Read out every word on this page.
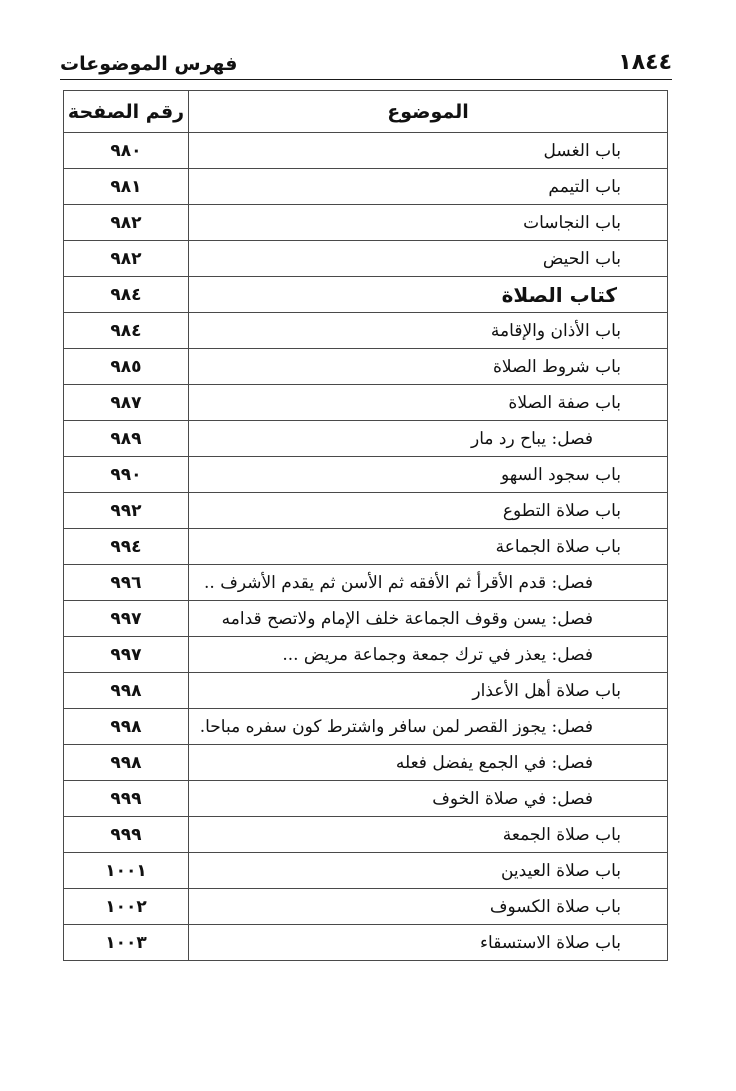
١٨٤٤
فهرس الموضوعات
الموضوع	رقم الصفحة
باب الغسل	٩٨٠
باب التيمم	٩٨١
باب النجاسات	٩٨٢
باب الحيض	٩٨٢
كتاب الصلاة	٩٨٤
باب الأذان والإقامة	٩٨٤
باب شروط الصلاة	٩٨٥
باب صفة الصلاة	٩٨٧
فصل: يباح رد مار	٩٨٩
باب سجود السهو	٩٩٠
باب صلاة التطوع	٩٩٢
باب صلاة الجماعة	٩٩٤
فصل: قدم الأقرأ ثم الأفقه ثم الأسن ثم يقدم الأشرف ..	٩٩٦
فصل: يسن وقوف الجماعة خلف الإمام ولاتصح قدامه	٩٩٧
فصل: يعذر في ترك جمعة وجماعة مريض ...	٩٩٧
باب صلاة أهل الأعذار	٩٩٨
فصل: يجوز القصر لمن سافر واشترط كون سفره مباحا.	٩٩٨
فصل: في الجمع يفضل فعله	٩٩٨
فصل: في صلاة الخوف	٩٩٩
باب صلاة الجمعة	٩٩٩
باب صلاة العيدين	١٠٠١
باب صلاة الكسوف	١٠٠٢
باب صلاة الاستسقاء	١٠٠٣
